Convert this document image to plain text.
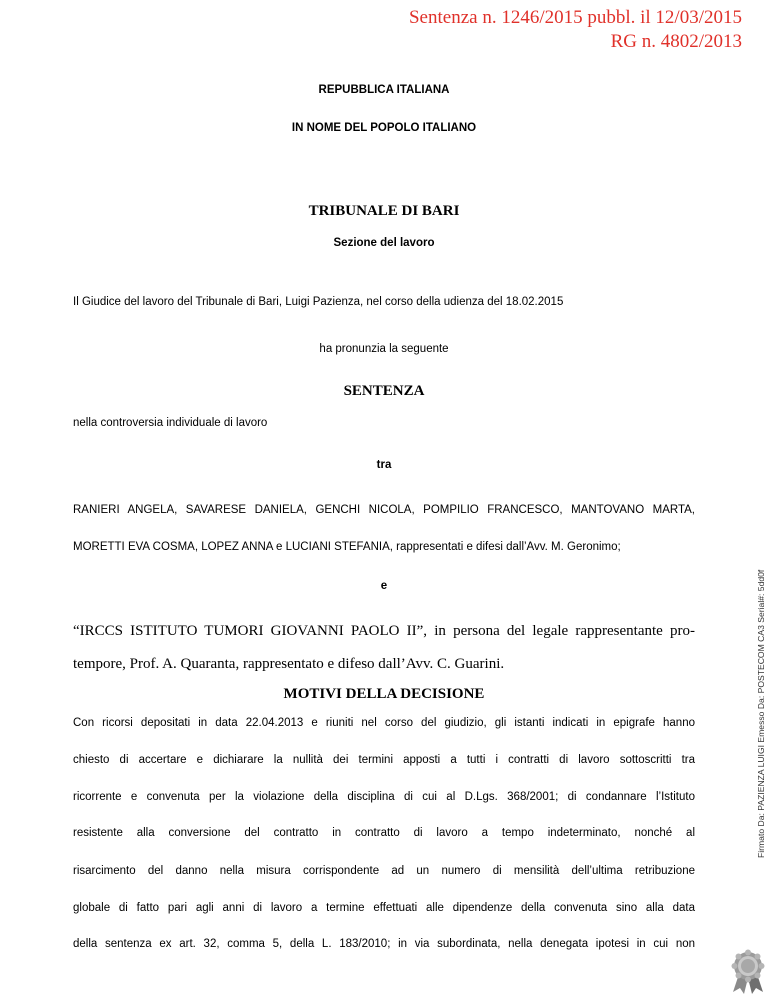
Sentenza n. 1246/2015 pubbl. il 12/03/2015
RG n. 4802/2013
REPUBBLICA ITALIANA
IN NOME DEL POPOLO ITALIANO
TRIBUNALE DI BARI
Sezione del lavoro
Il Giudice del lavoro del Tribunale di Bari, Luigi Pazienza, nel corso della udienza del 18.02.2015
ha pronunzia la seguente
SENTENZA
nella controversia individuale di lavoro
tra
RANIERI ANGELA, SAVARESE DANIELA, GENCHI NICOLA, POMPILIO FRANCESCO, MANTOVANO MARTA,
MORETTI EVA COSMA, LOPEZ ANNA e LUCIANI STEFANIA, rappresentati e difesi dall’Avv. M. Geronimo;
e
“IRCCS ISTITUTO TUMORI GIOVANNI PAOLO II”, in persona del legale rappresentante pro-
tempore, Prof. A. Quaranta, rappresentato e difeso dall’Avv. C. Guarini.
MOTIVI DELLA DECISIONE
Con ricorsi depositati in data 22.04.2013 e riuniti nel corso del giudizio, gli istanti indicati in epigrafe hanno
chiesto di accertare e dichiarare la nullità dei termini apposti a tutti i contratti di lavoro sottoscritti tra
ricorrente e convenuta per la violazione della disciplina di cui al D.Lgs. 368/2001; di condannare l’Istituto
resistente alla conversione del contratto in contratto di lavoro a tempo indeterminato, nonché al
risarcimento del danno nella misura corrispondente ad un numero di mensilità dell’ultima retribuzione
globale di fatto pari agli anni di lavoro a termine effettuati alle dipendenze della convenuta sino alla data
della sentenza ex art. 32, comma 5, della L. 183/2010; in via subordinata, nella denegata ipotesi in cui non
Firmato Da: PAZIENZA LUIGI Emesso Da: POSTECOM CA3 Serial#: 5dd0f
